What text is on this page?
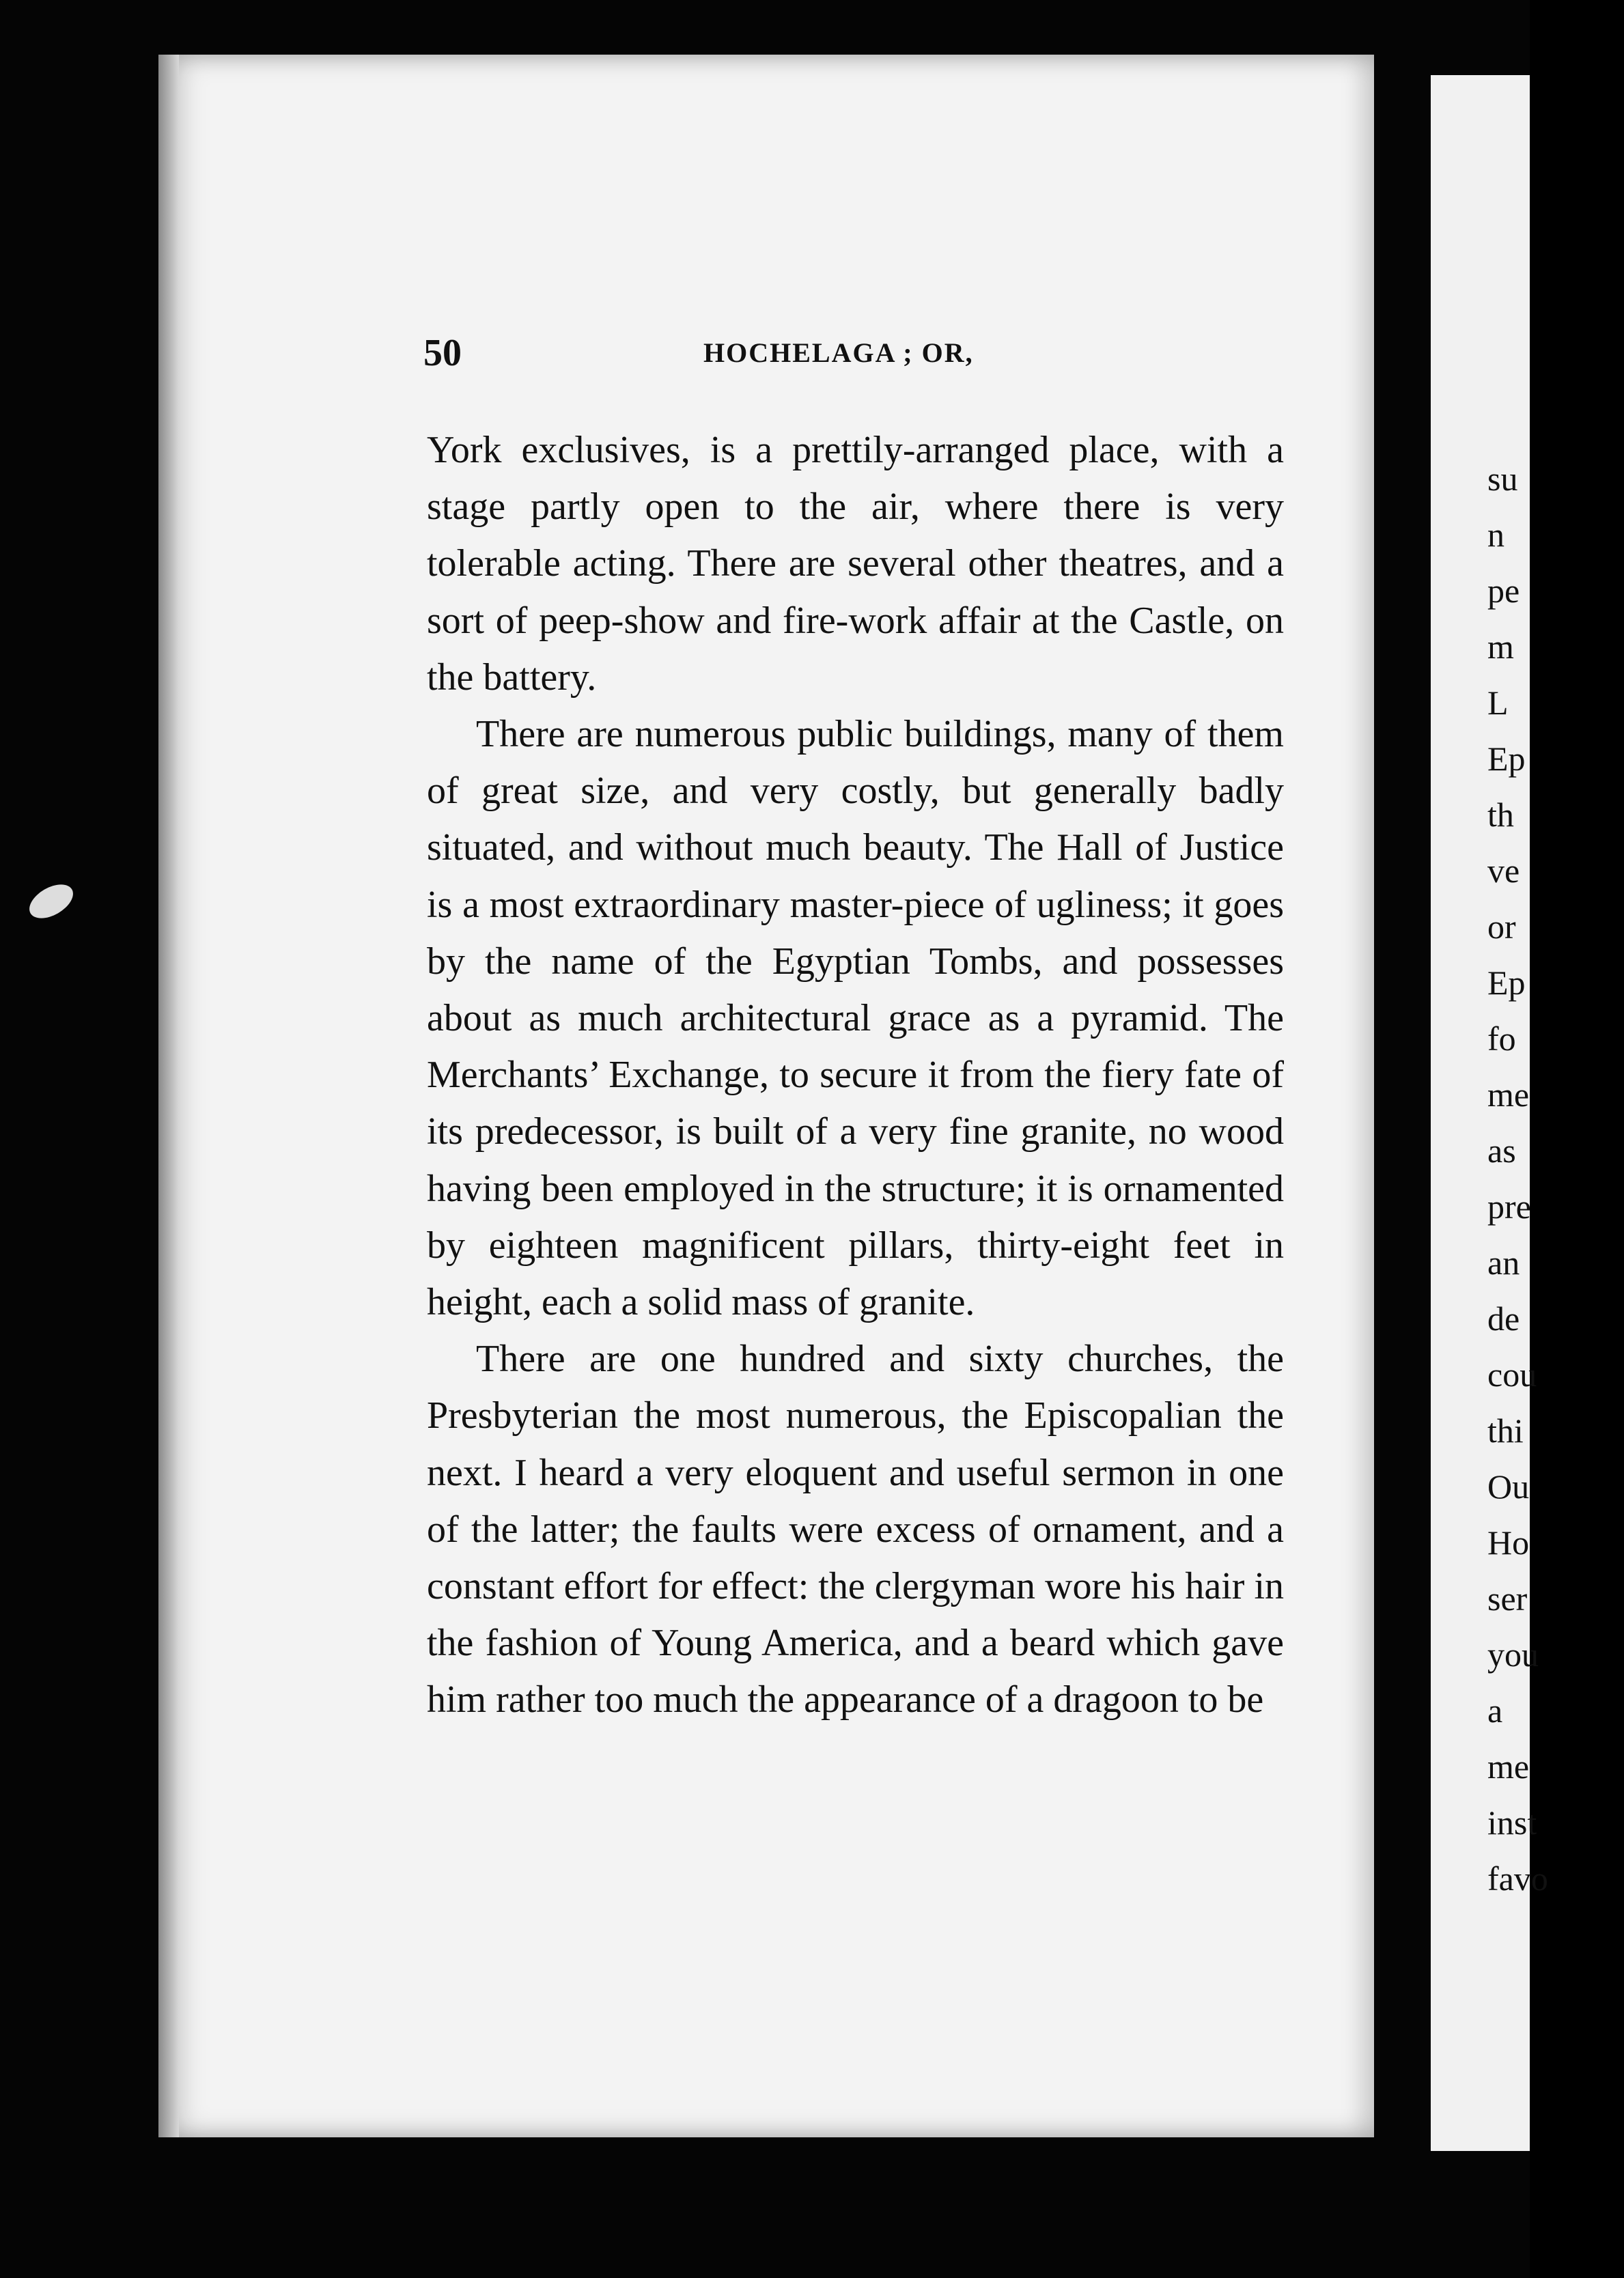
50	HOCHELAGA ; OR,

York exclusives, is a prettily-arranged place, with a stage partly open to the air, where there is very tolerable acting. There are several other theatres, and a sort of peep-show and fire-work affair at the Castle, on the battery.

There are numerous public buildings, many of them of great size, and very costly, but generally badly situated, and without much beauty. The Hall of Justice is a most extraordinary master-piece of ugliness; it goes by the name of the Egyptian Tombs, and possesses about as much architectural grace as a pyramid. The Merchants’ Exchange, to secure it from the fiery fate of its predecessor, is built of a very fine granite, no wood having been employed in the structure; it is ornamented by eighteen magnificent pillars, thirty-eight feet in height, each a solid mass of granite.

There are one hundred and sixty churches, the Presbyterian the most numerous, the Episcopalian the next. I heard a very eloquent and useful sermon in one of the latter; the faults were excess of ornament, and a constant effort for effect: the clergyman wore his hair in the fashion of Young America, and a beard which gave him rather too much the appearance of a dragoon to be

su
n
pe
m
L
Ep
th
ve
or
Ep
fo
me
as
pre
an
de
cou
thi
Ou
Ho
ser
you
a
me
inst
favo
